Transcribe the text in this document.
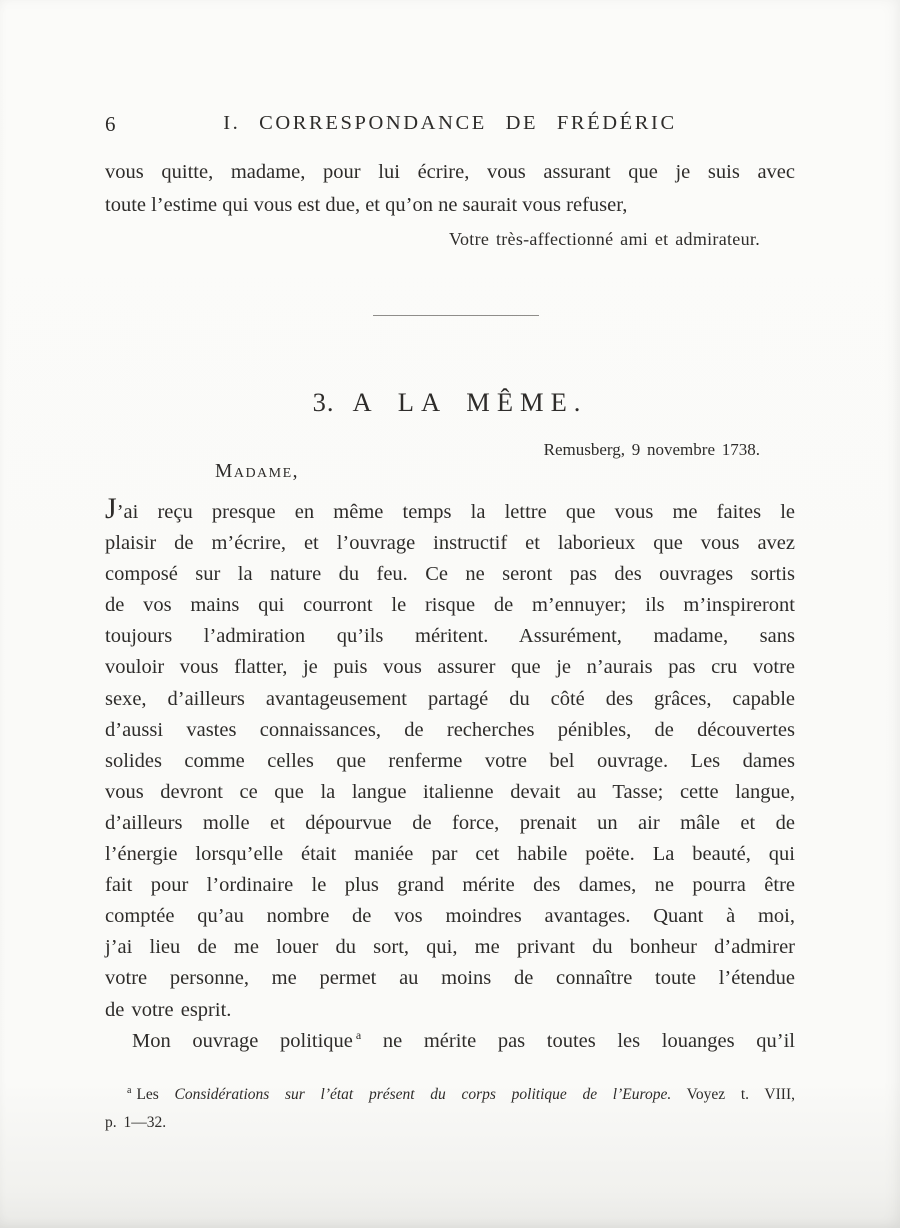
6	I. CORRESPONDANCE DE FRÉDÉRIC
vous quitte, madame, pour lui écrire, vous assurant que je suis avec
toute l’estime qui vous est due, et qu’on ne saurait vous refuser,
Votre très-affectionné ami et admirateur.
3. A LA MÊME.
Remusberg, 9 novembre 1738.
Madame,
J’ai reçu presque en même temps la lettre que vous me faites le
plaisir de m’écrire, et l’ouvrage instructif et laborieux que vous avez
composé sur la nature du feu. Ce ne seront pas des ouvrages sortis
de vos mains qui courront le risque de m’ennuyer; ils m’inspireront
toujours l’admiration qu’ils méritent. Assurément, madame, sans
vouloir vous flatter, je puis vous assurer que je n’aurais pas cru votre
sexe, d’ailleurs avantageusement partagé du côté des grâces, capable
d’aussi vastes connaissances, de recherches pénibles, de découvertes
solides comme celles que renferme votre bel ouvrage. Les dames
vous devront ce que la langue italienne devait au Tasse; cette langue,
d’ailleurs molle et dépourvue de force, prenait un air mâle et de
l’énergie lorsqu’elle était maniée par cet habile poëte. La beauté, qui
fait pour l’ordinaire le plus grand mérite des dames, ne pourra être
comptée qu’au nombre de vos moindres avantages. Quant à moi,
j’ai lieu de me louer du sort, qui, me privant du bonheur d’admirer
votre personne, me permet au moins de connaître toute l’étendue
de votre esprit.
Mon ouvrage politique $^a$ ne mérite pas toutes les louanges qu’il
$^a$ Les Considérations sur l’état présent du corps politique de l’Europe. Voyez t. VIII,
p. 1—32.
